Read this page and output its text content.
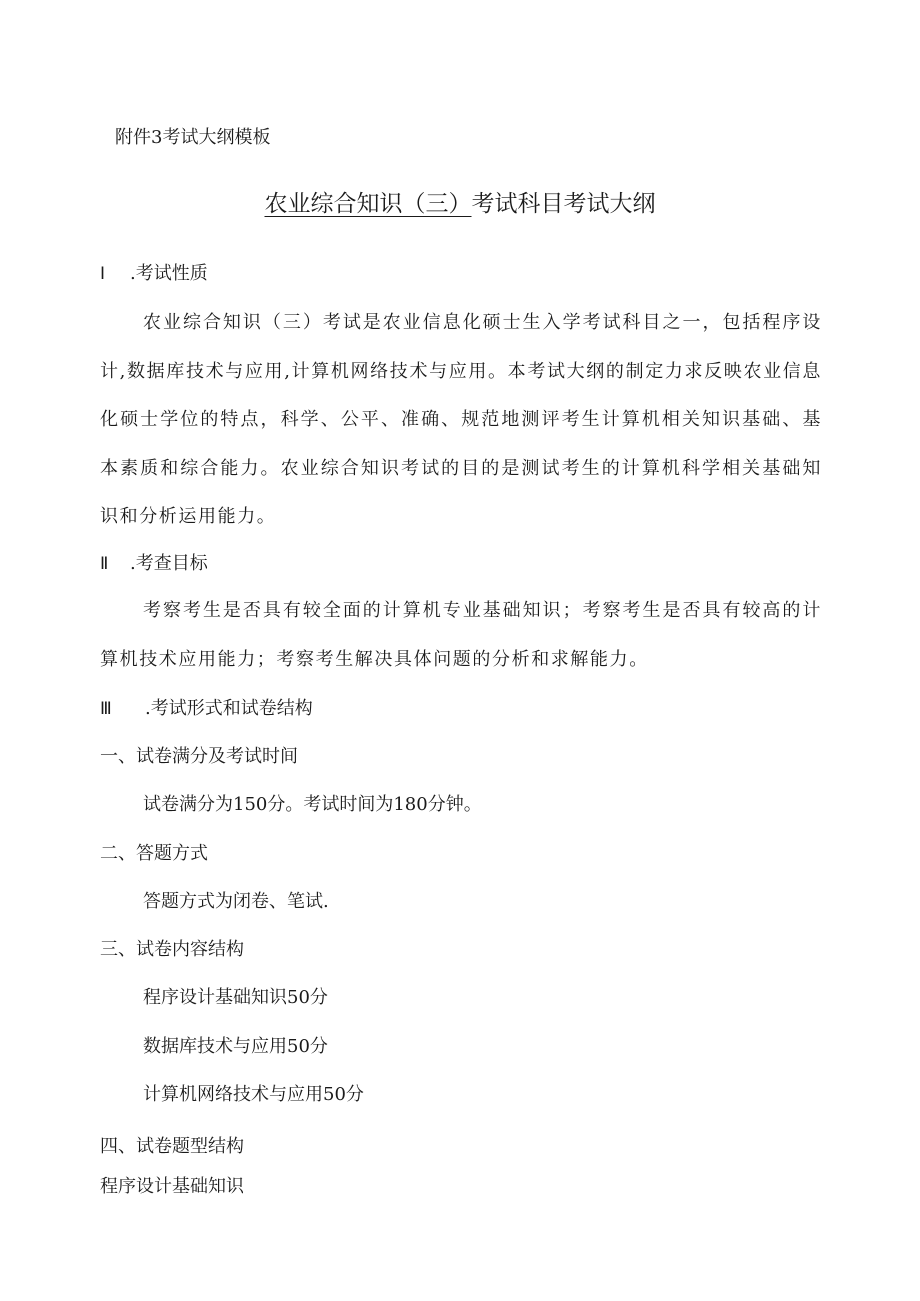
附件3考试大纲模板
农业综合知识（三）考试科目考试大纲
Ⅰ .考试性质
农业综合知识（三）考试是农业信息化硕士生入学考试科目之一，包括程序设计,数据库技术与应用,计算机网络技术与应用。本考试大纲的制定力求反映农业信息化硕士学位的特点，科学、公平、准确、规范地测评考生计算机相关知识基础、基本素质和综合能力。农业综合知识考试的目的是测试考生的计算机科学相关基础知识和分析运用能力。
Ⅱ .考查目标
考察考生是否具有较全面的计算机专业基础知识；考察考生是否具有较高的计算机技术应用能力；考察考生解决具体问题的分析和求解能力。
Ⅲ .考试形式和试卷结构
一、试卷满分及考试时间
试卷满分为150分。考试时间为180分钟。
二、答题方式
答题方式为闭卷、笔试.
三、试卷内容结构
程序设计基础知识50分
数据库技术与应用50分
计算机网络技术与应用50分
四、试卷题型结构
程序设计基础知识
